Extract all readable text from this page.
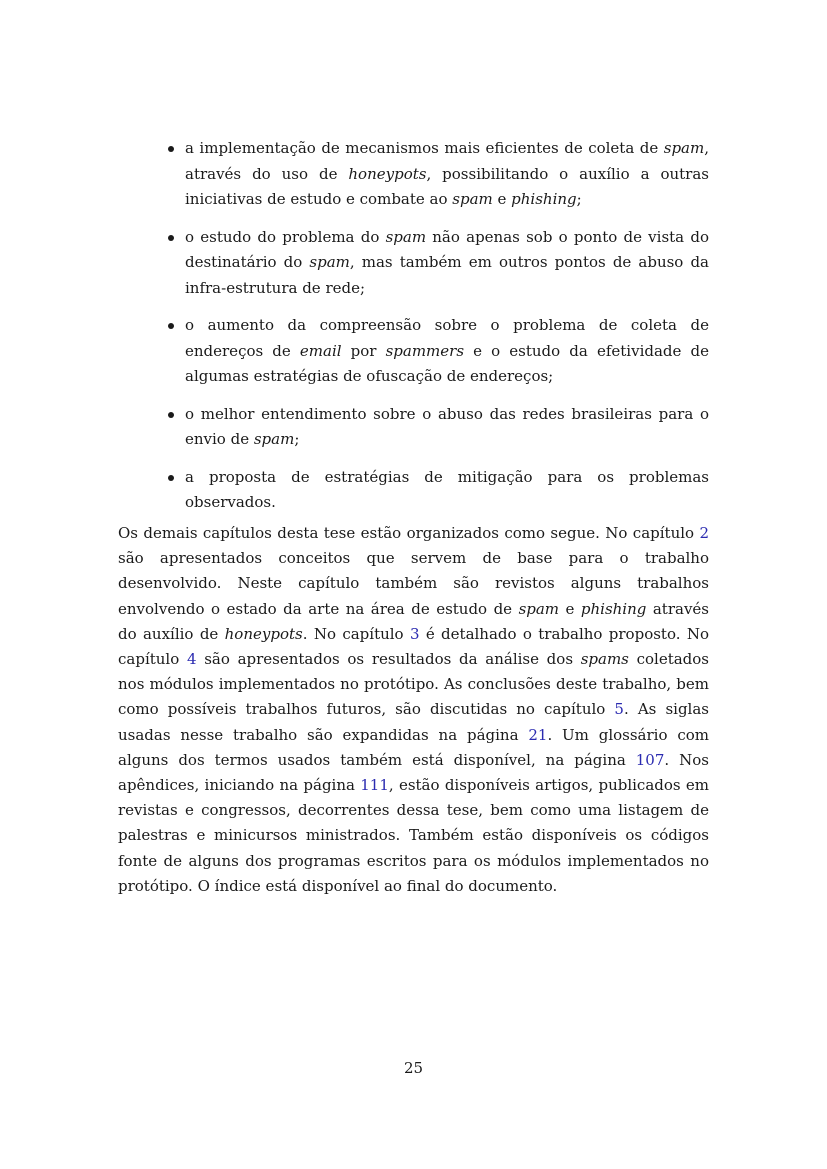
a implementação de mecanismos mais eficientes de coleta de spam, através do uso de honeypots, possibilitando o auxílio a outras iniciativas de estudo e combate ao spam e phishing;
o estudo do problema do spam não apenas sob o ponto de vista do destinatário do spam, mas também em outros pontos de abuso da infra-estrutura de rede;
o aumento da compreensão sobre o problema de coleta de endereços de email por spammers e o estudo da efetividade de algumas estratégias de ofuscação de endereços;
o melhor entendimento sobre o abuso das redes brasileiras para o envio de spam;
a proposta de estratégias de mitigação para os problemas observados.

Os demais capítulos desta tese estão organizados como segue. No capítulo 2 são apresentados conceitos que servem de base para o trabalho desenvolvido. Neste capítulo também são revistos alguns trabalhos envolvendo o estado da arte na área de estudo de spam e phishing através do auxílio de honeypots. No capítulo 3 é detalhado o trabalho proposto. No capítulo 4 são apresentados os resultados da análise dos spams coletados nos módulos implementados no protótipo. As conclusões deste trabalho, bem como possíveis trabalhos futuros, são discutidas no capítulo 5. As siglas usadas nesse trabalho são expandidas na página 21. Um glossário com alguns dos termos usados também está disponível, na página 107. Nos apêndices, iniciando na página 111, estão disponíveis artigos, publicados em revistas e congressos, decorrentes dessa tese, bem como uma listagem de palestras e minicursos ministrados. Também estão disponíveis os códigos fonte de alguns dos programas escritos para os módulos implementados no protótipo. O índice está disponível ao final do documento.

25
